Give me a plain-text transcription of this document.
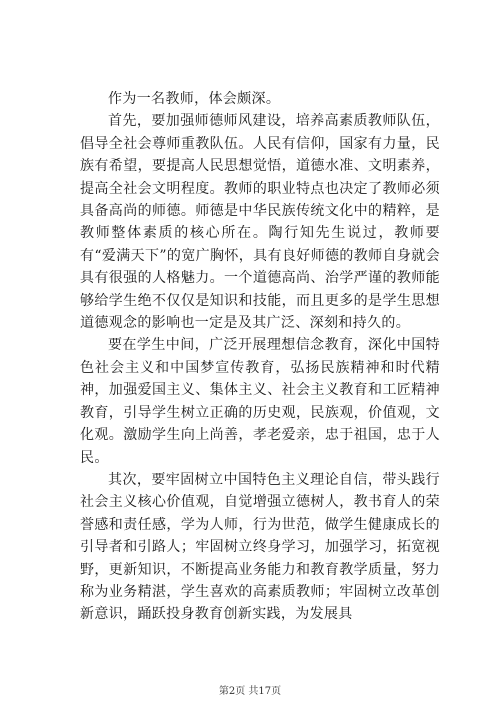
作为一名教师，体会颇深。

首先，要加强师德师风建设，培养高素质教师队伍，倡导全社会尊师重教队伍。人民有信仰，国家有力量，民族有希望，要提高人民思想觉悟，道德水准、文明素养，提高全社会文明程度。教师的职业特点也决定了教师必须具备高尚的师德。师德是中华民族传统文化中的精粹，是教师整体素质的核心所在。陶行知先生说过，教师要有“爱满天下”的宽广胸怀，具有良好师德的教师自身就会具有很强的人格魅力。一个道德高尚、治学严谨的教师能够给学生绝不仅仅是知识和技能，而且更多的是学生思想道德观念的影响也一定是及其广泛、深刻和持久的。

要在学生中间，广泛开展理想信念教育，深化中国特色社会主义和中国梦宣传教育，弘扬民族精神和时代精神，加强爱国主义、集体主义、社会主义教育和工匠精神教育，引导学生树立正确的历史观，民族观，价值观，文化观。激励学生向上尚善，孝老爱亲，忠于祖国，忠于人民。

其次，要牢固树立中国特色主义理论自信，带头践行社会主义核心价值观，自觉增强立德树人，教书育人的荣誉感和责任感，学为人师，行为世范，做学生健康成长的引导者和引路人；牢固树立终身学习，加强学习，拓宽视野，更新知识，不断提高业务能力和教育教学质量，努力称为业务精湛，学生喜欢的高素质教师；牢固树立改革创新意识，踊跃投身教育创新实践，为发展具

第2页 共17页
